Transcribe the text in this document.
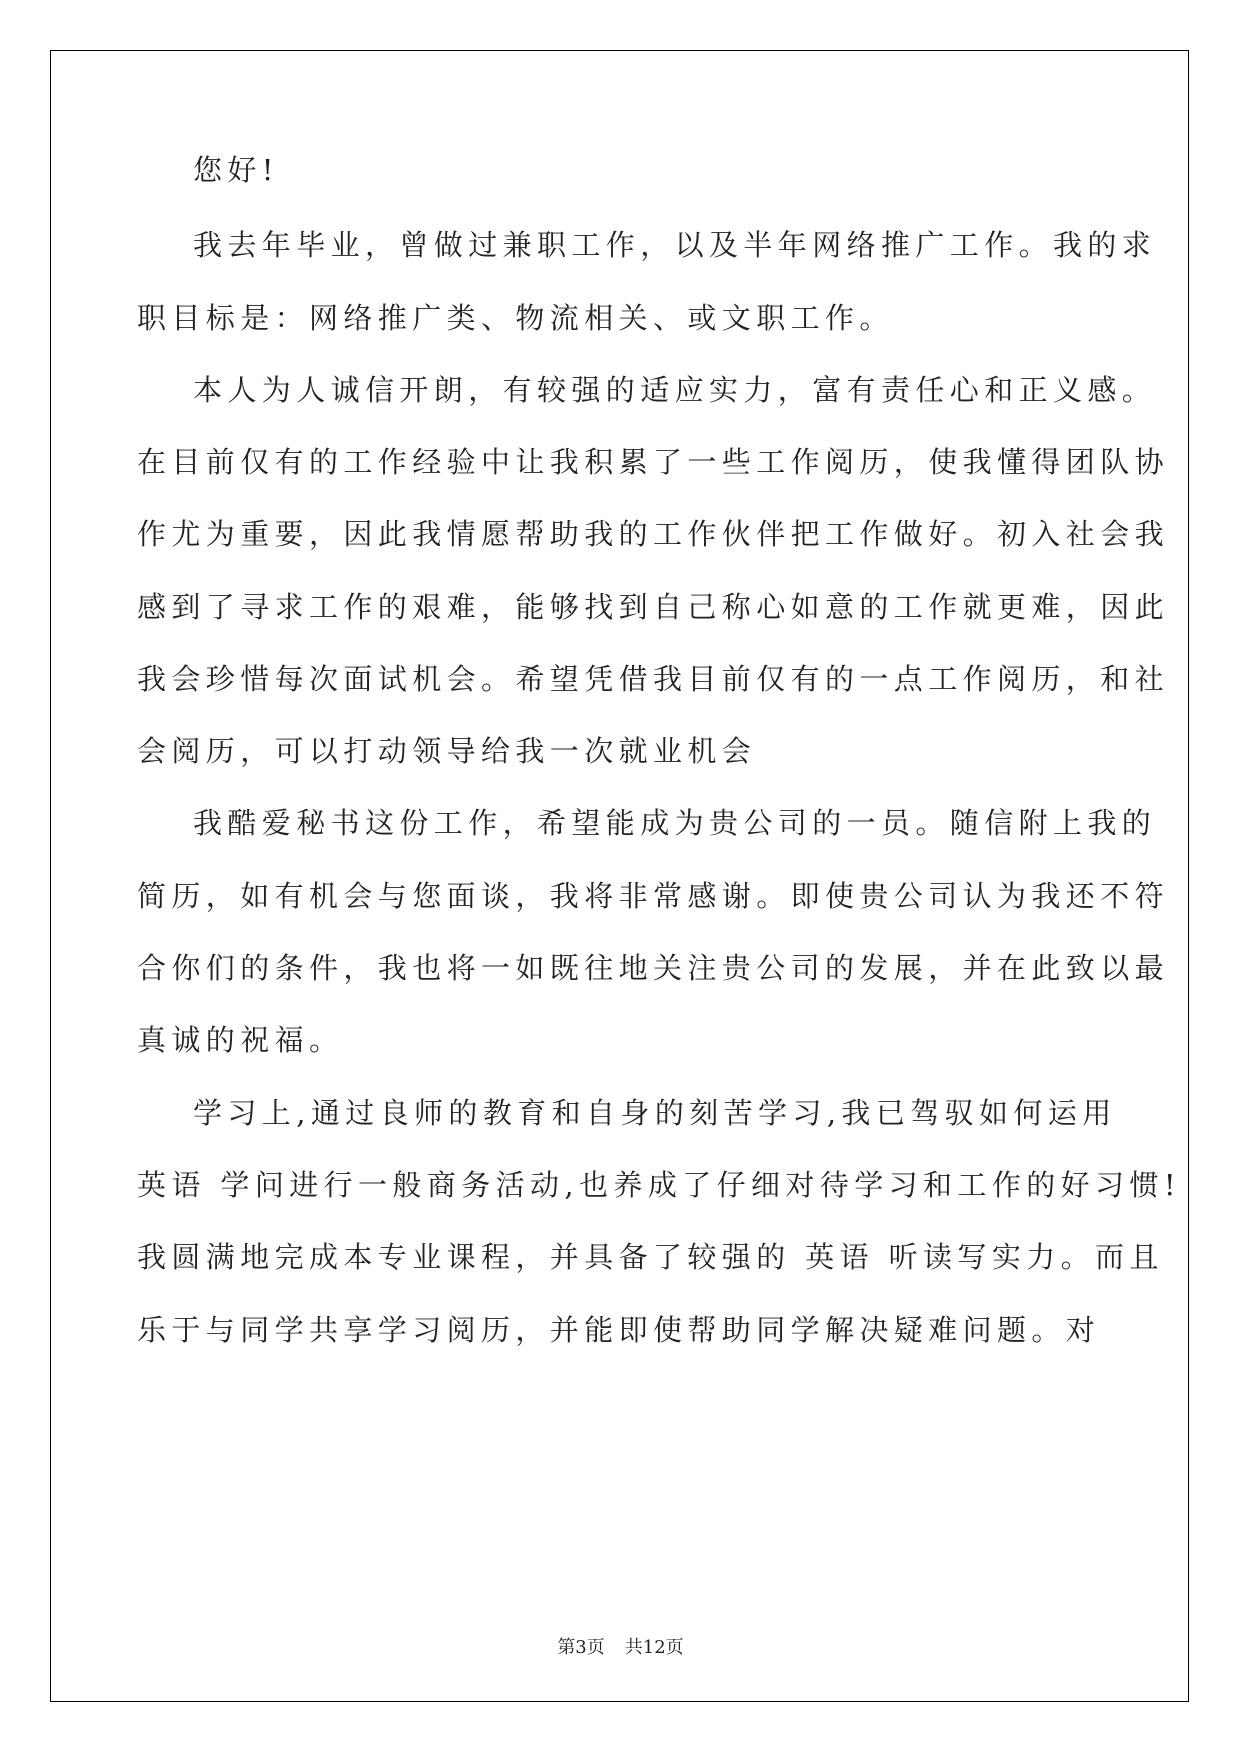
您好!
我去年毕业，曾做过兼职工作，以及半年网络推广工作。我的求
职目标是：网络推广类、物流相关、或文职工作。
本人为人诚信开朗，有较强的适应实力，富有责任心和正义感。
在目前仅有的工作经验中让我积累了一些工作阅历，使我懂得团队协
作尤为重要，因此我情愿帮助我的工作伙伴把工作做好。初入社会我
感到了寻求工作的艰难，能够找到自己称心如意的工作就更难，因此
我会珍惜每次面试机会。希望凭借我目前仅有的一点工作阅历，和社
会阅历，可以打动领导给我一次就业机会
我酷爱秘书这份工作，希望能成为贵公司的一员。随信附上我的
简历，如有机会与您面谈，我将非常感谢。即使贵公司认为我还不符
合你们的条件，我也将一如既往地关注贵公司的发展，并在此致以最
真诚的祝福。
学习上,通过良师的教育和自身的刻苦学习,我已驾驭如何运用
英语 学问进行一般商务活动,也养成了仔细对待学习和工作的好习惯!
我圆满地完成本专业课程，并具备了较强的 英语 听读写实力。而且
乐于与同学共享学习阅历，并能即使帮助同学解决疑难问题。对
第3页 共12页
